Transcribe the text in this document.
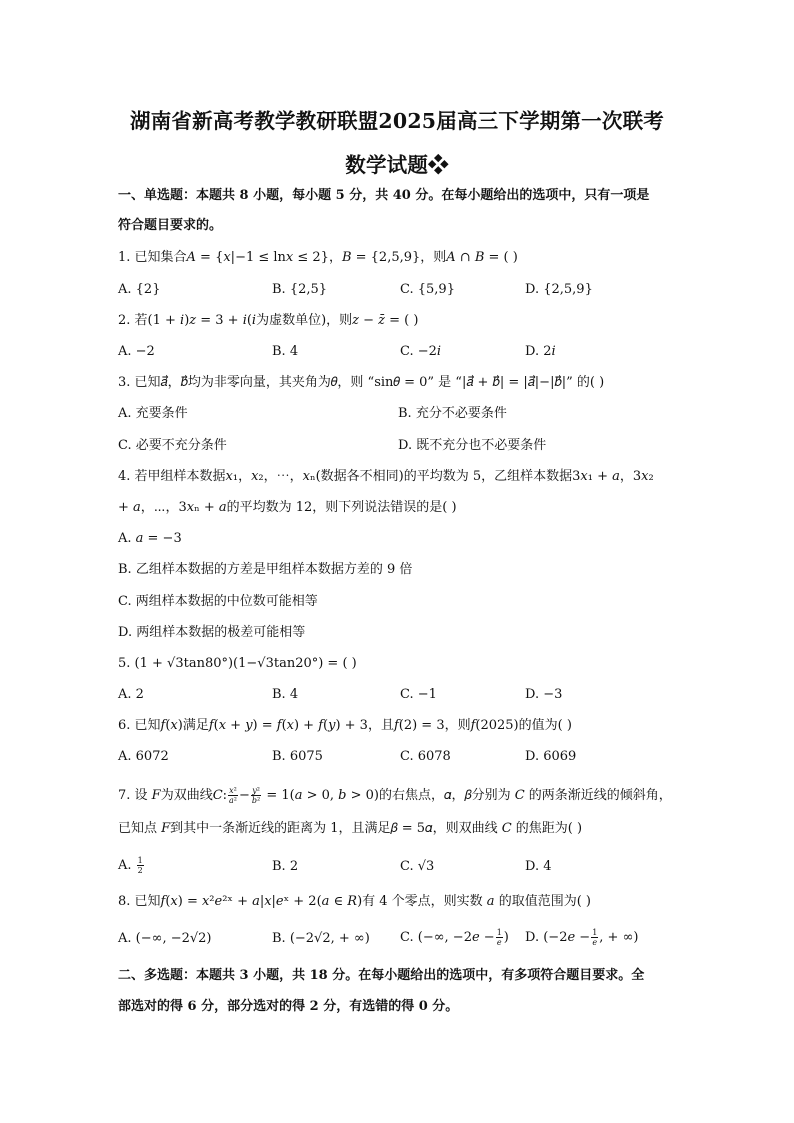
湖南省新高考教学教研联盟2025届高三下学期第一次联考
数学试题❖
一、单选题：本题共 8 小题，每小题 5 分，共 40 分。在每小题给出的选项中，只有一项是
符合题目要求的。
1. 已知集合𝐴 = {𝑥|−1 ≤ ln𝑥 ≤ 2}，𝐵 = {2,5,9}，则𝐴 ∩ 𝐵 = ( )
A. {2}	B. {2,5}	C. {5,9}	D. {2,5,9}
2. 若(1 + 𝑖)𝑧 = 3 + 𝑖(𝑖为虚数单位)，则𝑧 − 𝑧̄ = ( )
A. −2	B. 4	C. −2𝑖	D. 2𝑖
3. 已知𝑎⃗，𝑏⃗均为非零向量，其夹角为𝜃，则 “sin𝜃 = 0” 是 “|𝑎⃗ + 𝑏⃗| = |𝑎⃗|−|𝑏⃗|” 的( )
A. 充要条件	B. 充分不必要条件
C. 必要不充分条件	D. 既不充分也不必要条件
4. 若甲组样本数据𝑥₁，𝑥₂，⋯，𝑥ₙ(数据各不相同)的平均数为 5，乙组样本数据3𝑥₁ + 𝑎，3𝑥₂
+ 𝑎，⋯，3𝑥ₙ + 𝑎的平均数为 12，则下列说法错误的是( )
A. 𝑎 = −3
B. 乙组样本数据的方差是甲组样本数据方差的 9 倍
C. 两组样本数据的中位数可能相等
D. 两组样本数据的极差可能相等
5. (1 + √3tan80°)(1−√3tan20°) = ( )
A. 2	B. 4	C. −1	D. −3
6. 已知𝑓(𝑥)满足𝑓(𝑥 + 𝑦) = 𝑓(𝑥) + 𝑓(𝑦) + 3，且𝑓(2) = 3，则𝑓(2025)的值为( )
A. 6072	B. 6075	C. 6078	D. 6069
7. 设 𝐹为双曲线𝐶: $\frac{\text{𝑥²}}{\text{𝑎²}} - \frac{\text{𝑦²}}{\text{𝑏²}}$ = 1(𝑎 > 0, 𝑏 > 0)的右焦点，𝛼，𝛽分别为 𝐶 的两条渐近线的倾斜角，
已知点 𝐹到其中一条渐近线的距离为 1，且满足𝛽 = 5𝛼，则双曲线 𝐶 的焦距为( )
A. $\frac{1}{2}$	B. 2	C. √3	D. 4
8. 已知𝑓(𝑥) = 𝑥²𝑒²ˣ + 𝑎|𝑥|𝑒ˣ + 2(𝑎 ∈ 𝑅)有 4 个零点，则实数 𝑎 的取值范围为( )
A. (−∞, −2√2)	B. (−2√2, + ∞) C. (−∞, −2𝑒 − $\frac{1}{\text{𝑒}}$ ) D. (−2𝑒 − $\frac{1}{\text{𝑒}}$ , + ∞)
二、多选题：本题共 3 小题，共 18 分。在每小题给出的选项中，有多项符合题目要求。全
部选对的得 6 分，部分选对的得 2 分，有选错的得 0 分。
